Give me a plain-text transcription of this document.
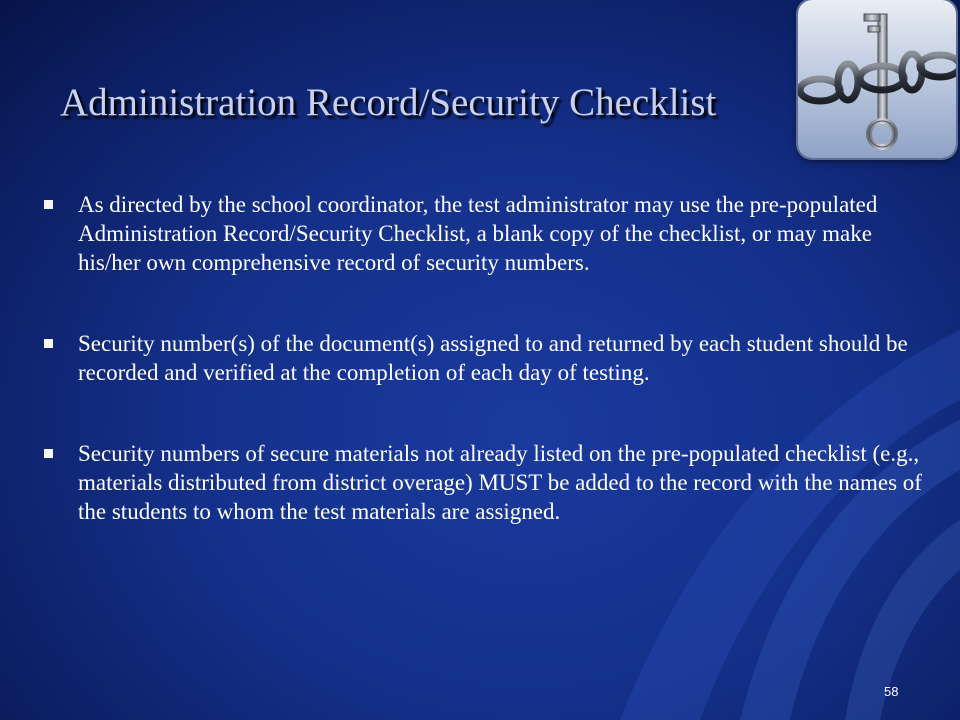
Administration Record/Security Checklist
As directed by the school coordinator, the test administrator may use the pre-populated Administration Record/Security Checklist, a blank copy of the checklist, or may make his/her own comprehensive record of security numbers.
Security number(s) of the document(s) assigned to and returned by each student should be recorded and verified at the completion of each day of testing.
Security numbers of secure materials not already listed on the pre-populated checklist (e.g., materials distributed from district overage) MUST be added to the record with the names of the students to whom the test materials are assigned.
58
